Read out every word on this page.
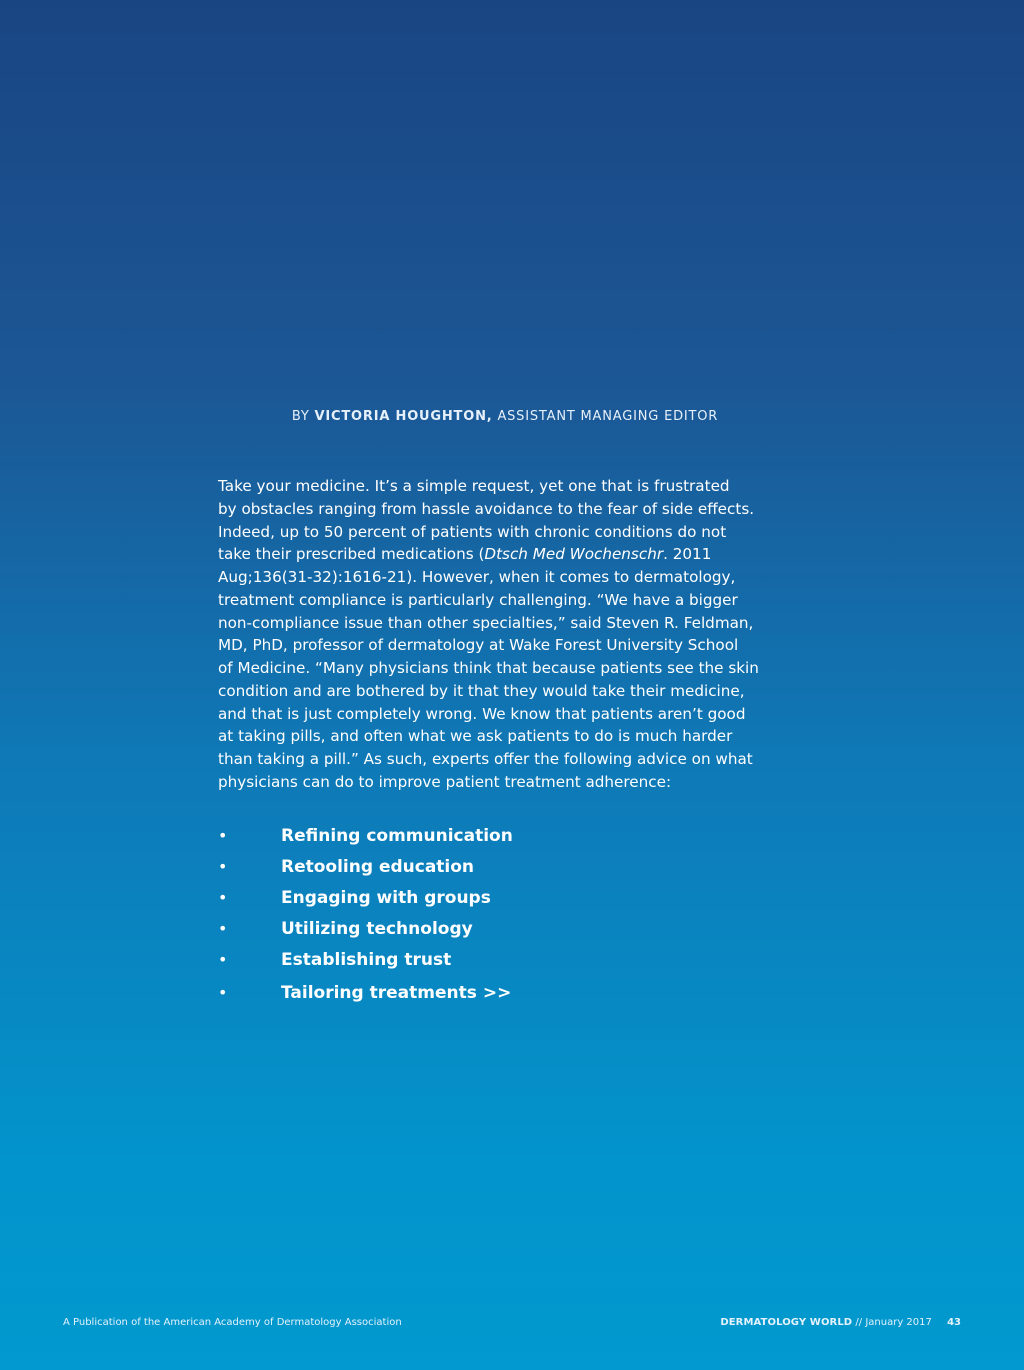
BY VICTORIA HOUGHTON, ASSISTANT MANAGING EDITOR
Take your medicine. It’s a simple request, yet one that is frustrated
by obstacles ranging from hassle avoidance to the fear of side effects.
Indeed, up to 50 percent of patients with chronic conditions do not
take their prescribed medications (Dtsch Med Wochenschr. 2011
Aug;136(31-32):1616-21). However, when it comes to dermatology,
treatment compliance is particularly challenging. “We have a bigger
non-compliance issue than other specialties,” said Steven R. Feldman,
MD, PhD, professor of dermatology at Wake Forest University School
of Medicine. “Many physicians think that because patients see the skin
condition and are bothered by it that they would take their medicine,
and that is just completely wrong. We know that patients aren’t good
at taking pills, and often what we ask patients to do is much harder
than taking a pill.” As such, experts offer the following advice on what
physicians can do to improve patient treatment adherence:
•	Refining communication
•	Retooling education
•	Engaging with groups
•	Utilizing technology
•	Establishing trust
•	Tailoring treatments >>
A Publication of the American Academy of Dermatology Association	DERMATOLOGY WORLD // January 2017 43
